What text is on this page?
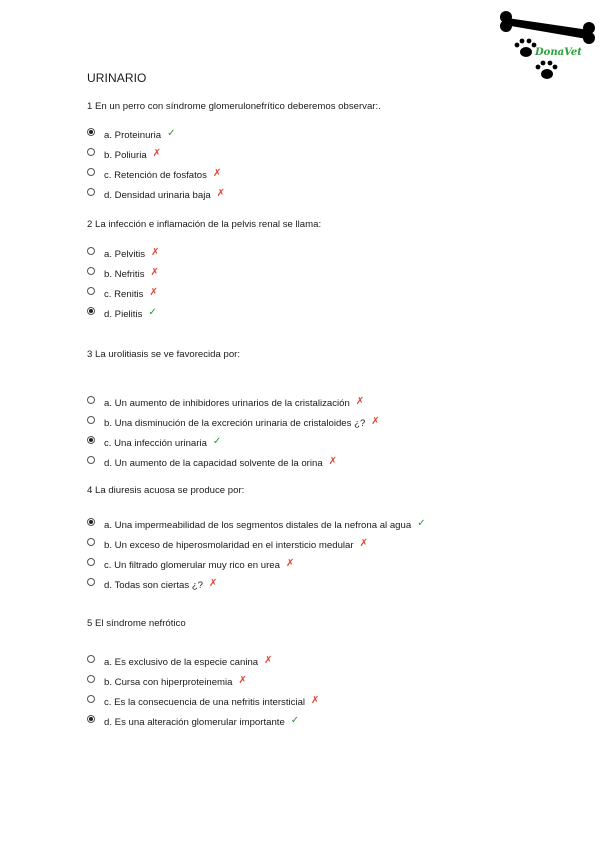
DonaVet
URINARIO
1 En un perro con síndrome glomerulonefrítico deberemos observar:.
a. Proteinuria ✓
b. Poliuria ✗
c. Retención de fosfatos ✗
d. Densidad urinaria baja ✗
2 La infección e inflamación de la pelvis renal se llama:
a. Pelvitis ✗
b. Nefritis ✗
c. Renitis ✗
d. Pielitis ✓
3 La urolitiasis se ve favorecida por:
a. Un aumento de inhibidores urinarios de la cristalización ✗
b. Una disminución de la excreción urinaria de cristaloides ¿? ✗
c. Una infección urinaria ✓
d. Un aumento de la capacidad solvente de la orina ✗
4 La diuresis acuosa se produce por:
a. Una impermeabilidad de los segmentos distales de la nefrona al agua ✓
b. Un exceso de hiperosmolaridad en el intersticio medular ✗
c. Un filtrado glomerular muy rico en urea ✗
d. Todas son ciertas ¿? ✗
5 El síndrome nefrótico
a. Es exclusivo de la especie canina ✗
b. Cursa con hiperproteinemia ✗
c. Es la consecuencia de una nefritis intersticial ✗
d. Es una alteración glomerular importante ✓
